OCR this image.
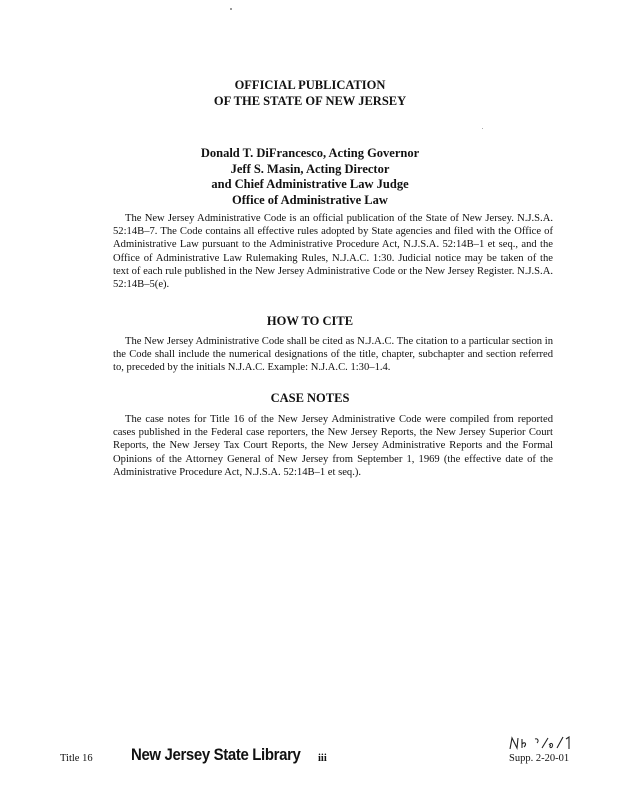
OFFICIAL PUBLICATION
OF THE STATE OF NEW JERSEY
Donald T. DiFrancesco, Acting Governor
Jeff S. Masin, Acting Director
and Chief Administrative Law Judge
Office of Administrative Law

The New Jersey Administrative Code is an official publication of the State of New Jersey. N.J.S.A. 52:14B–7. The Code contains all effective rules adopted by State agencies and filed with the Office of Administrative Law pursuant to the Administrative Procedure Act, N.J.S.A. 52:14B–1 et seq., and the Office of Administrative Law Rulemaking Rules, N.J.A.C. 1:30. Judicial notice may be taken of the text of each rule published in the New Jersey Administrative Code or the New Jersey Register. N.J.S.A. 52:14B–5(e).

HOW TO CITE

The New Jersey Administrative Code shall be cited as N.J.A.C. The citation to a particular section in the Code shall include the numerical designations of the title, chapter, subchapter and section referred to, preceded by the initials N.J.A.C. Example: N.J.A.C. 1:30–1.4.

CASE NOTES

The case notes for Title 16 of the New Jersey Administrative Code were compiled from reported cases published in the Federal case reporters, the New Jersey Reports, the New Jersey Superior Court Reports, the New Jersey Tax Court Reports, the New Jersey Administrative Reports and the Formal Opinions of the Attorney General of New Jersey from September 1, 1969 (the effective date of the Administrative Procedure Act, N.J.S.A. 52:14B–1 et seq.).

Title 16 New Jersey State Library iii	Supp. 2-20-01
